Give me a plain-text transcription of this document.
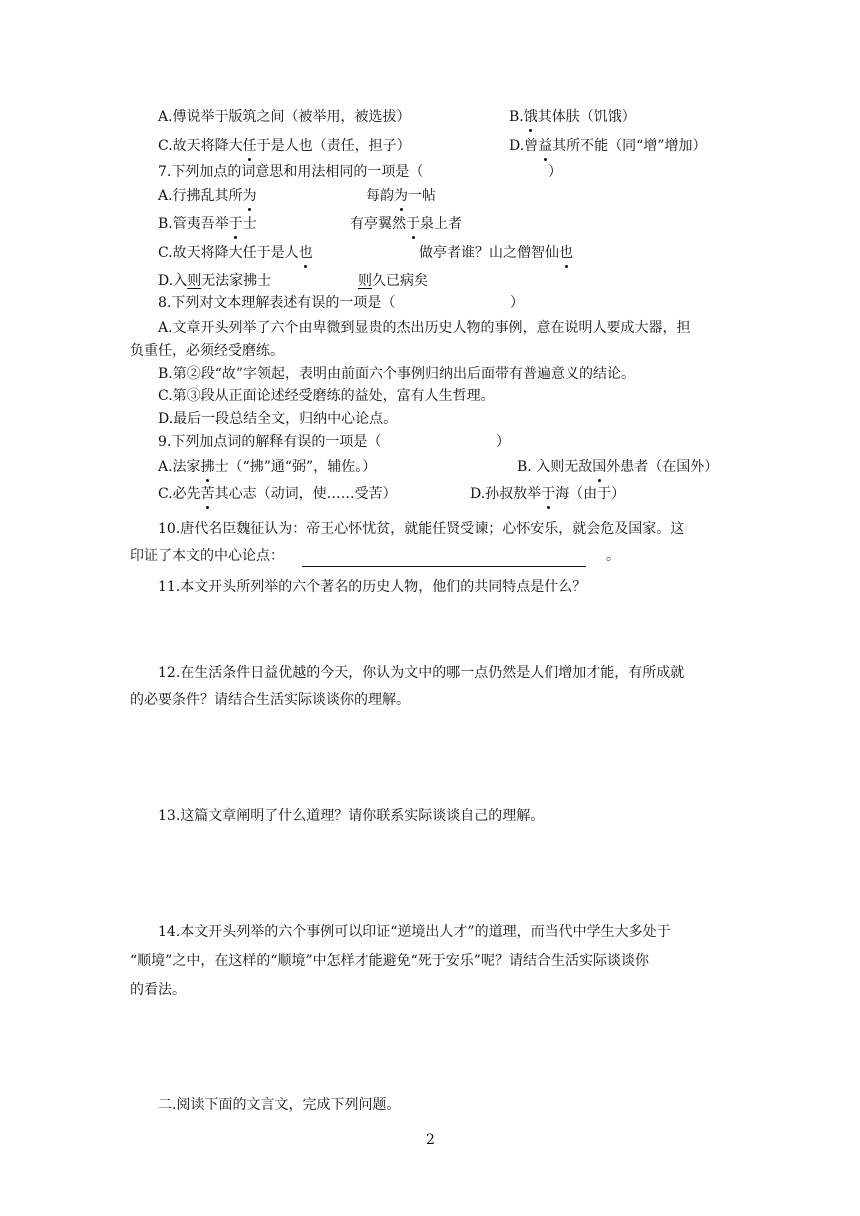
A.傅说举于版筑之间（被举用，被选拔）	B.饿其体肤（饥饿）
C.故天将降大任于是人也（责任，担子）	D.曾益其所不能（同“增”增加）
7.下列加点的词意思和用法相同的一项是（	）
A.行拂乱其所为	每韵为一帖
B.管夷吾举于士	有亭翼然于泉上者
C.故天将降大任于是人也	做亭者谁？山之僧智仙也
D.入则无法家拂士	则久已病矣
8.下列对文本理解表述有误的一项是（	）
A.文章开头列举了六个由卑微到显贵的杰出历史人物的事例，意在说明人要成大器，担
负重任，必须经受磨练。
B.第②段“故”字领起，表明由前面六个事例归纳出后面带有普遍意义的结论。
C.第③段从正面论述经受磨练的益处，富有人生哲理。
D.最后一段总结全文，归纳中心论点。
9.下列加点词的解释有误的一项是（	）
A.法家拂士（“拂”通“弼”，辅佐。）	B. 入则无敌国外患者（在国外）
C.必先苦其心志（动词，使……受苦）	D.孙叔敖举于海（由于）
10.唐代名臣魏征认为：帝王心怀忧贫，就能任贤受谏；心怀安乐，就会危及国家。这
印证了本文的中心论点：	。
11.本文开头所列举的六个著名的历史人物，他们的共同特点是什么？
12.在生活条件日益优越的今天，你认为文中的哪一点仍然是人们增加才能，有所成就
的必要条件？请结合生活实际谈谈你的理解。
13.这篇文章阐明了什么道理？请你联系实际谈谈自己的理解。
14.本文开头列举的六个事例可以印证“逆境出人才”的道理，而当代中学生大多处于
“顺境”之中，在这样的“顺境”中怎样才能避免“死于安乐”呢？请结合生活实际谈谈你
的看法。
二.阅读下面的文言文，完成下列问题。
2
